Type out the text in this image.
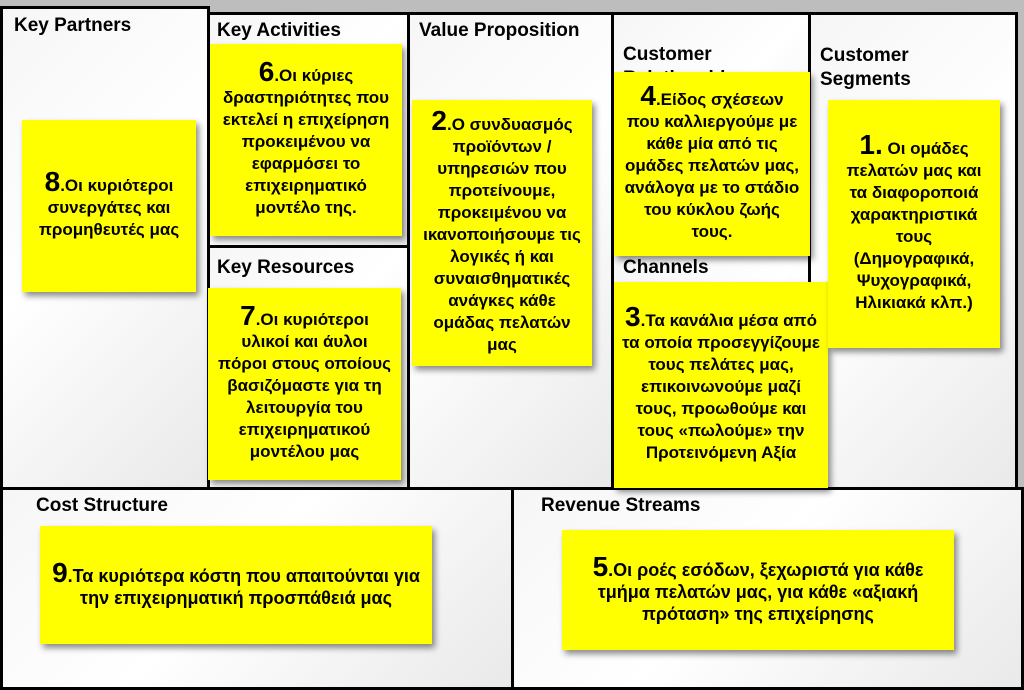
Key Partners	Key Activities
Key Resources
Value Proposition

Customer

Channels

Customer Segments

Cost Structure	Revenue Streams
8.Οι κυριότεροι συνεργάτες και προμηθευτές μας
6.Οι κύριες δραστηριότητες που εκτελεί η επιχείρηση προκειμένου να εφαρμόσει το επιχειρηματικό μοντέλο της.
7.Οι κυριότεροι υλικοί και άυλοι πόροι στους οποίους βασιζόμαστε για τη λειτουργία του επιχειρηματικού μοντέλου μας
2.Ο συνδυασμός προϊόντων / υπηρεσιών που προτείνουμε, προκειμένου να ικανοποιήσουμε τις λογικές ή και συναισθηματικές ανάγκες κάθε ομάδας πελατών μας
4.Είδος σχέσεων που καλλιεργούμε με κάθε μία από τις ομάδες πελατών μας, ανάλογα με το στάδιο του κύκλου ζωής τους.
3.Τα κανάλια μέσα από τα οποία προσεγγίζουμε τους πελάτες μας, επικοινωνούμε μαζί τους, προωθούμε και τους «πωλούμε» την Προτεινόμενη Αξία
1. Οι ομάδες πελατών μας και τα διαφοροποιά χαρακτηριστικά τους (Δημογραφικά, Ψυχογραφικά, Ηλικιακά κλπ.)
9.Τα κυριότερα κόστη που απαιτούνται για την επιχειρηματική προσπάθειά μας
5.Οι ροές εσόδων, ξεχωριστά για κάθε τμήμα πελατών μας, για κάθε «αξιακή πρόταση» της επιχείρησης
